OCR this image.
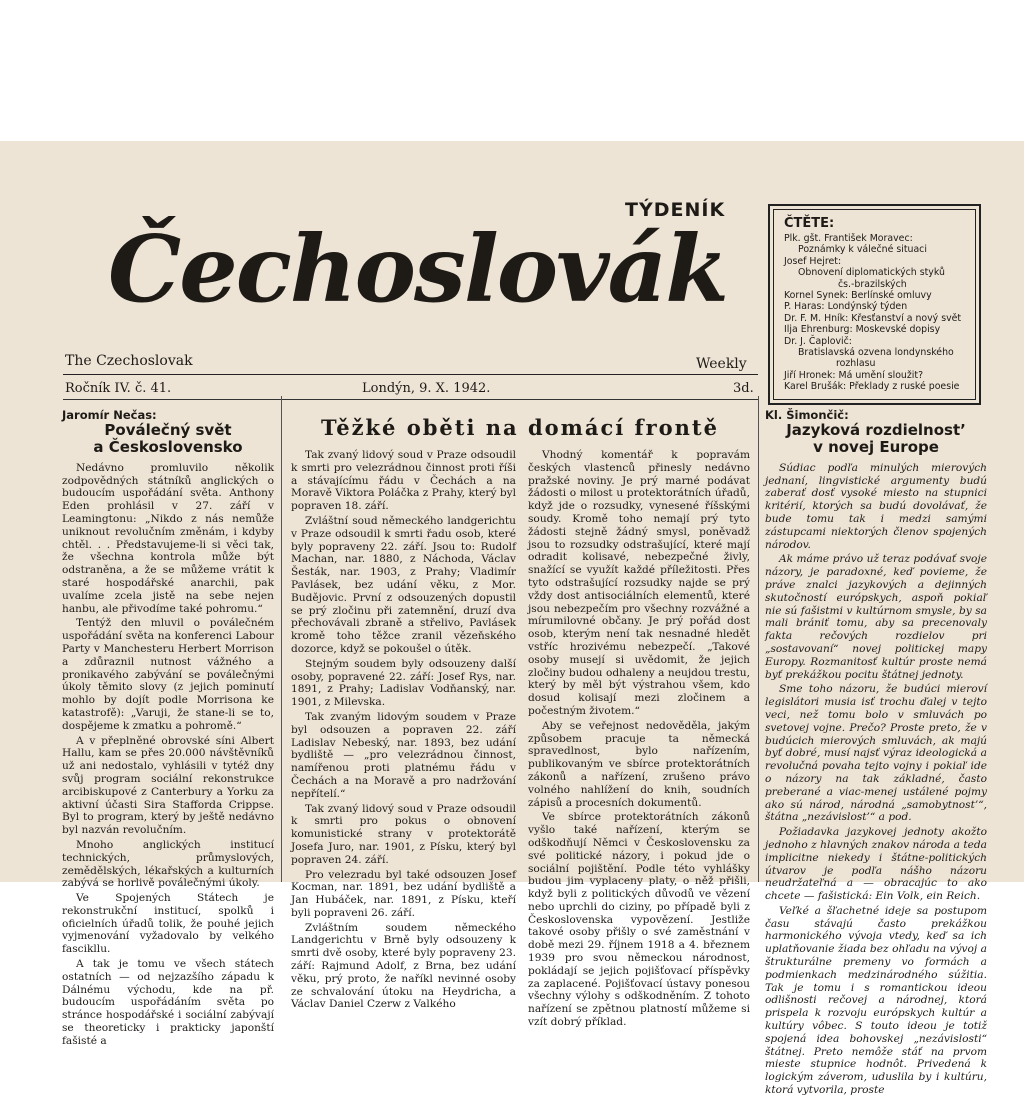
TÝDENÍK
Čechoslovák
The Czechoslovak	Weekly
Ročník IV. č. 41.	Londýn, 9. X. 1942.	3d.
ČTĚTE:
Plk. gšt. František Moravec:
Poznámky k válečné situaci
Josef Hejret:
Obnovení diplomatických styků
čs.-brazilských
Kornel Synek: Berlínské omluvy
P. Haras: Londýnský týden
Dr. F. M. Hník: Křesťanství a nový svět
Ilja Ehrenburg: Moskevské dopisy
Dr. J. Čaplovič:
Bratislavská ozvena londynského
rozhlasu
Jiří Hronek: Má umění sloužit?
Karel Brušák: Překlady z ruské poesie
Jaromír Nečas:
Poválečný svět
a Československo

Nedávno promluvilo několik zodpovědných státníků anglických o budoucím uspořádání světa. Anthony Eden prohlásil v 27. září v Leamingtonu: „Nikdo z nás nemůže uniknout revolučním změnám, i kdyby chtěl. . . Představujeme-li si věci tak, že všechna kontrola může být odstraněna, a že se můžeme vrátit k staré hospodářské anarchii, pak uvalíme zcela jistě na sebe nejen hanbu, ale přivodíme také pohromu.“

Tentýž den mluvil o poválečném uspořádání světa na konferenci Labour Party v Manchesteru Herbert Morrison a zdůraznil nutnost vážného a pronikavého zabývání se poválečnými úkoly těmito slovy (z jejich pominutí mohlo by dojít podle Morrisona ke katastrofě): „Varuji, že stane-li se to, dospějeme k zmatku a pohromě.“

A v přeplněné obrovské síni Albert Hallu, kam se přes 20.000 návštěvníků už ani nedostalo, vyhlásili v tytéž dny svůj program sociální rekonstrukce arcibiskupové z Canterbury a Yorku za aktivní účasti Sira Stafforda Crippse. Byl to program, který by ještě nedávno byl nazván revolučním.

Mnoho anglických institucí technických, průmyslových, zemědělských, lékařských a kulturních zabývá se horlivě poválečnými úkoly.

Ve Spojených Státech je rekonstrukční institucí, spolků i oficielních úřadů tolik, že pouhé jejich vyjmenování vyžadovalo by velkého fascikllu.

A tak je tomu ve všech státech ostatních — od nejzazšího západu k Dálnému východu, kde na př. budoucím uspořádáním světa po stránce hospodářské i sociální zabývají se theoreticky i prakticky japonští fašisté a

Těžké oběti na domácí frontě

Tak zvaný lidový soud v Praze odsoudil k smrti pro velezrádnou činnost proti říši a stávajícímu řádu v Čechách a na Moravě Viktora Poláčka z Prahy, který byl popraven 18. září.

Zvláštní soud německého landgerichtu v Praze odsoudil k smrti řadu osob, které byly popraveny 22. září. Jsou to: Rudolf Machan, nar. 1880, z Náchoda, Václav Šesták, nar. 1903, z Prahy; Vladimír Pavlásek, bez udání věku, z Mor. Budějovic. První z odsouzených dopustil se prý zločinu při zatemnění, druzí dva přechovávali zbraně a střelivo, Pavlásek kromě toho těžce zranil vězeňského dozorce, když se pokoušel o útěk.

Stejným soudem byly odsouzeny další osoby, popravené 22. září: Josef Rys, nar. 1891, z Prahy; Ladislav Vodňanský, nar. 1901, z Milevska.

Tak zvaným lidovým soudem v Praze byl odsouzen a popraven 22. září Ladislav Nebeský, nar. 1893, bez udání bydliště — „pro velezrádnou činnost, namířenou proti platnému řádu v Čechách a na Moravě a pro nadržování nepřítelí.“

Tak zvaný lidový soud v Praze odsoudil k smrti pro pokus o obnovení komunistické strany v protektorátě Josefa Juro, nar. 1901, z Písku, který byl popraven 24. září.

Pro velezradu byl také odsouzen Josef Kocman, nar. 1891, bez udání bydliště a Jan Hubáček, nar. 1891, z Písku, kteří byli popraveni 26. září.

Zvláštním soudem německého Landgerichtu v Brně byly odsouzeny k smrti dvě osoby, které byly popraveny 23. září: Rajmund Adolf, z Brna, bez udání věku, prý proto, že naříkl nevinné osoby ze schvalování útoku na Heydricha, a Václav Daniel Czerw z Valkého

Vhodný komentář k popravám českých vlastenců přinesly nedávno pražské noviny. Je prý marné podávat žádosti o milost u protektorátních úřadů, když jde o rozsudky, vynesené říšskými soudy. Kromě toho nemají prý tyto žádosti stejně žádný smysl, poněvadž jsou to rozsudky odstrašující, které mají odradit kolisavé, nebezpečné živly, snažící se využít každé příležitosti. Přes tyto odstrašující rozsudky najde se prý vždy dost antisociálních elementů, které jsou nebezpečím pro všechny rozvážné a mírumilovné občany. Je prý pořád dost osob, kterým není tak nesnadné hledět vstříc hrozivému nebezpečí. „Takové osoby musejí si uvědomit, že jejich zločiny budou odhaleny a neujdou trestu, který by měl být výstrahou všem, kdo dosud kolisají mezi zločinem a počestným životem.“

Aby se veřejnost nedověděla, jakým způsobem pracuje ta německá spravedlnost, bylo nařízením, publikovaným ve sbírce protektorátních zákonů a nařízení, zrušeno právo volného nahlížení do knih, soudních zápisů a procesních dokumentů.

Ve sbírce protektorátních zákonů vyšlo také nařízení, kterým se odškodňují Němci v Československu za své politické názory, i pokud jde o sociální pojištění. Podle této vyhlášky budou jim vyplaceny platy, o něž přišli, když byli z politických důvodů ve vězení nebo uprchli do ciziny, po případě byli z Československa vypovězení. Jestliže takové osoby přišly o své zaměstnání v době mezi 29. říjnem 1918 a 4. březnem 1939 pro svou německou národnost, pokládají se jejich pojišťovací příspěvky za zaplacené. Pojišťovací ústavy ponesou všechny výlohy s odškodněním. Z tohoto nařízení se zpětnou platností můžeme si vzít dobrý příklad.

Kl. Šimončič:
Jazyková rozdielnost’
v novej Europe

Súdiac podľa minulých mierových jednaní, lingvistické argumenty budú zaberať dosť vysoké miesto na stupnici kritérií, ktorých sa budú dovolávať, že bude tomu tak i medzi samými zástupcami niektorých členov spojených národov.

Ak máme právo už teraz podávať svoje názory, je paradoxné, keď povieme, že práve znalci jazykových a dejinných skutočností európskych, aspoň pokiaľ nie sú fašistmi v kultúrnom smysle, by sa mali brániť tomu, aby sa precenovaly fakta rečových rozdielov pri „sostavovaní“ novej politickej mapy Europy. Rozmanitosť kultúr proste nemá byť prekážkou pocitu štátnej jednoty.

Sme toho názoru, že budúci mieroví legislátori musia isť trochu ďalej v tejto veci, než tomu bolo v smluvách po svetovej vojne. Prečo? Proste preto, že v budúcich mierových smluvách, ak majú byť dobré, musí najsť výraz ideologická a revolučná povaha tejto vojny i pokiaľ ide o názory na tak základné, často preberané a viac-menej ustálené pojmy ako sú národ, národná „samobytnost’“, štátna „nezávislost’“ a pod.

Požiadavka jazykovej jednoty akožto jednoho z hlavných znakov národa a teda implicitne niekedy i štátne-politických útvarov je podľa nášho názoru neudržateľná a — obracajúc to ako chcete — fašistická: Ein Volk, ein Reich.

Veľké a šľachetné ideje sa postupom času stávajú často prekážkou harmonického vývoja vtedy, keď sa ich uplatňovanie žiada bez ohľadu na vývoj a štrukturálne premeny vo formách a podmienkach medzinárodného súžitia. Tak je tomu i s romantickou ideou odlišnosti rečovej a národnej, ktorá prispela k rozvoju európskych kultúr a kultúry vôbec. S touto ideou je totiž spojená idea bohovskej „nezávislosti“ štátnej. Preto nemôže stáť na prvom mieste stupnice hodnôt. Privedená k logickým záverom, uduslila by i kultúru, ktorá vytvorila, proste
